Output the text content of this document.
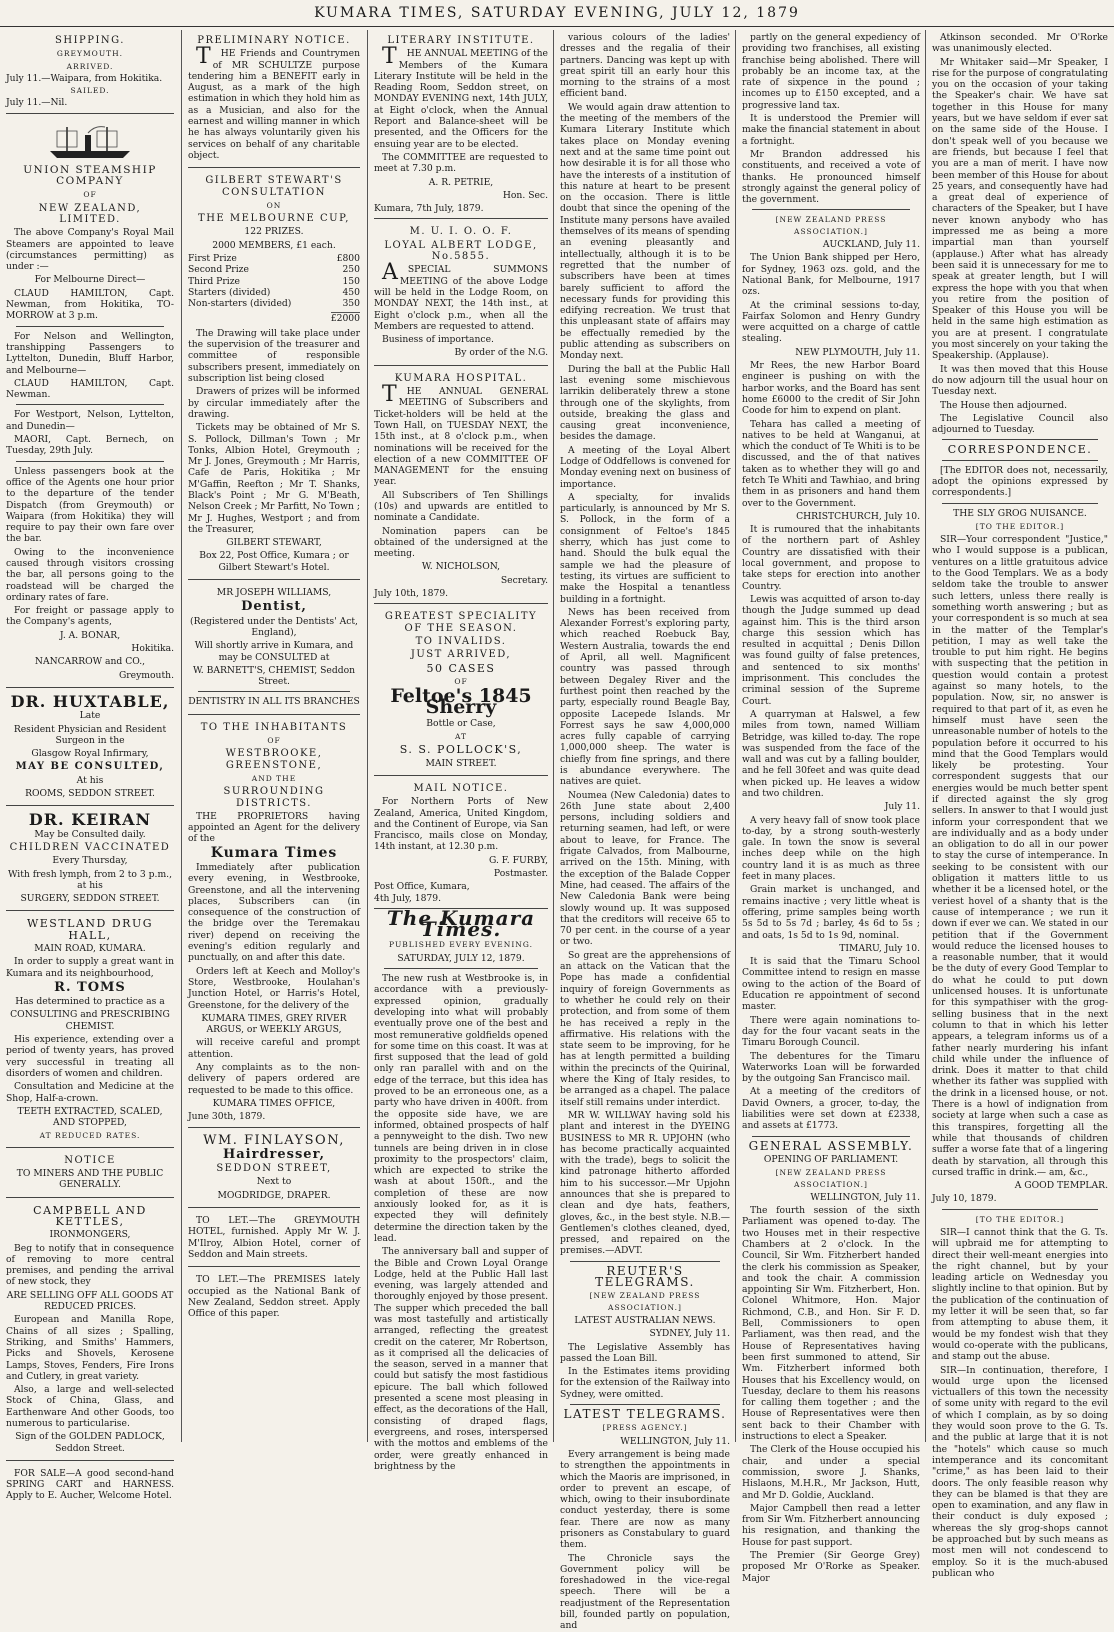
KUMARA TIMES, SATURDAY EVENING, JULY 12, 1879
SHIPPING.
GREYMOUTH.
ARRIVED.
July 11.—Waipara, from Hokitika.
SAILED.
July 11.—Nil.
UNION STEAMSHIP COMPANY
OF
NEW ZEALAND, LIMITED.
The above Company's Royal Mail Steamers are appointed to leave (circumstances permitting) as under :—
For Melbourne Direct—
CLAUD HAMILTON, Capt. Newman, from Hokitika, TO-MORROW at 3 p.m.
For Nelson and Wellington, transhipping Passengers to Lyttelton, Dunedin, Bluff Harbor, and Melbourne—
CLAUD HAMILTON, Capt. Newman.
For Westport, Nelson, Lyttelton, and Dunedin—
MAORI, Capt. Bernech, on Tuesday, 29th July.
Unless passengers book at the office of the Agents one hour prior to the departure of the tender Dispatch (from Greymouth) or Waipara (from Hokitika) they will require to pay their own fare over the bar.
Owing to the inconvenience caused through visitors crossing the bar, all persons going to the roadstead will be charged the ordinary rates of fare.
For freight or passage apply to the Company's agents,
J. A. BONAR,
Hokitika.
NANCARROW and CO.,
Greymouth.
DR. HUXTABLE,
Late
Resident Physician and Resident Surgeon in the
Glasgow Royal Infirmary,
MAY BE CONSULTED,
At his
ROOMS, SEDDON STREET.
DR. KEIRAN
May be Consulted daily.
CHILDREN VACCINATED
Every Thursday,
With fresh lymph, from 2 to 3 p.m., at his
SURGERY, SEDDON STREET.
WESTLAND DRUG HALL,
MAIN ROAD, KUMARA.
In order to supply a great want in Kumara and its neighbourhood,
R. TOMS
Has determined to practice as a
CONSULTING and PRESCRIBING CHEMIST.
His experience, extending over a period of twenty years, has proved very successful in treating all disorders of women and children.
Consultation and Medicine at the Shop, Half-a-crown.
TEETH EXTRACTED, SCALED, AND STOPPED,
AT REDUCED RATES.
NOTICE
TO MINERS AND THE PUBLIC GENERALLY.
CAMPBELL AND KETTLES,
IRONMONGERS,
Beg to notify that in consequence of removing to more central premises, and pending the arrival of new stock, they
ARE SELLING OFF ALL GOODS AT REDUCED PRICES.
European and Manilla Rope, Chains of all sizes ; Spalling, Striking, and Smiths' Hammers, Picks and Shovels, Kerosene Lamps, Stoves, Fenders, Fire Irons and Cutlery, in great variety.
Also, a large and well-selected Stock of China, Glass, and Earthenware And other Goods, too numerous to particularise.
Sign of the GOLDEN PADLOCK, Seddon Street.
FOR SALE—A good second-hand SPRING CART and HARNESS. Apply to E. Aucher, Welcome Hotel.
PRELIMINARY NOTICE.
THE Friends and Countrymen of MR SCHULTZE purpose tendering him a BENEFIT early in August, as a mark of the high estimation in which they hold him as as a Musician, and also for the earnest and willing manner in which he has always voluntarily given his services on behalf of any charitable object.
GILBERT STEWART'S CONSULTATION
ON
THE MELBOURNE CUP,
122 PRIZES.
2000 MEMBERS, £1 each.
First Prize	£800
Second Prize	250
Third Prize	150
Starters (divided)	450
Non-starters (divided)	350
£2000
The Drawing will take place under the supervision of the treasurer and committee of responsible subscribers present, immediately on subscription list being closed
Drawers of prizes will be informed by circular immediately after the drawing.
Tickets may be obtained of Mr S. S. Pollock, Dillman's Town ; Mr Tonks, Albion Hotel, Greymouth ; Mr J. Jones, Greymouth ; Mr Harris, Cafe de Paris, Hokitika ; Mr M'Gaffin, Reefton ; Mr T. Shanks, Black's Point ; Mr G. M'Beath, Nelson Creek ; Mr Parfitt, No Town ; Mr J. Hughes, Westport ; and from the Treasurer,
GILBERT STEWART,
Box 22, Post Office, Kumara ; or Gilbert Stewart's Hotel.
MR JOSEPH WILLIAMS,
Dentist,
(Registered under the Dentists' Act, England),
Will shortly arrive in Kumara, and may be CONSULTED at
W. BARNETT'S, CHEMIST, Seddon Street.
DENTISTRY IN ALL ITS BRANCHES
TO THE INHABITANTS
OF
WESTBROOKE, GREENSTONE,
AND THE
SURROUNDING DISTRICTS.
THE PROPRIETORS having appointed an Agent for the delivery of the
Kumara Times
Immediately after publication every evening, in Westbrooke, Greenstone, and all the intervening places, Subscribers can (in consequence of the construction of the bridge over the Teremakau river) depend on receiving the evening's edition regularly and punctually, on and after this date.
Orders left at Keech and Molloy's Store, Westbrooke, Houlahan's Junction Hotel, or Harris's Hotel, Greenstone, for the delivery of the
KUMARA TIMES, GREY RIVER ARGUS, or WEEKLY ARGUS,
will receive careful and prompt attention.
Any complaints as to the non-delivery of papers ordered are requested to be made to this office.
KUMARA TIMES OFFICE,
June 30th, 1879.
WM. FINLAYSON,
Hairdresser,
SEDDON STREET,
Next to
MOGDRIDGE, DRAPER.
TO LET.—The GREYMOUTH HOTEL, furnished. Apply Mr W. J. M'Ilroy, Albion Hotel, corner of Seddon and Main streets.
TO LET.—The PREMISES lately occupied as the National Bank of New Zealand, Seddon street. Apply Office of this paper.
LITERARY INSTITUTE.
THE ANNUAL MEETING of the Members of the Kumara Literary Institute will be held in the Reading Room, Seddon street, on MONDAY EVENING next, 14th JULY, at Eight o'clock, when the Annual Report and Balance-sheet will be presented, and the Officers for the ensuing year are to be elected.
The COMMITTEE are requested to meet at 7.30 p.m.
A. R. PETRIE,
Hon. Sec.
Kumara, 7th July, 1879.
M. U. I. O. O. F.
LOYAL ALBERT LODGE, No.5855.
ASPECIAL SUMMONS MEETING of the above Lodge will be held in the Lodge Room, on MONDAY NEXT, the 14th inst., at Eight o'clock p.m., when all the Members are requested to attend.
Business of importance.
By order of the N.G.
KUMARA HOSPITAL.
THE ANNUAL GENERAL MEETING of Subscribers and Ticket-holders will be held at the Town Hall, on TUESDAY NEXT, the 15th inst., at 8 o'clock p.m., when nominations will be received for the election of a new COMMITTEE OF MANAGEMENT for the ensuing year.
All Subscribers of Ten Shillings (10s) and upwards are entitled to nominate a Candidate.
Nomination papers can be obtained of the undersigned at the meeting.
W. NICHOLSON,
Secretary.
July 10th, 1879.
GREATEST SPECIALITY OF THE SEASON.
TO INVALIDS.
JUST ARRIVED,
50 CASES
OF
Feltoe's 1845 Sherry
Bottle or Case,
AT
S. S. POLLOCK'S,
MAIN STREET.
MAIL NOTICE.
For Northern Ports of New Zealand, America, United Kingdom, and the Continent of Europe, via San Francisco, mails close on Monday, 14th instant, at 12.30 p.m.
G. F. FURBY,
Postmaster.
Post Office, Kumara,
4th July, 1879.
The Kumara Times.
PUBLISHED EVERY EVENING.
SATURDAY, JULY 12, 1879.
The new rush at Westbrooke is, in accordance with a previously-expressed opinion, gradually developing into what will probably eventually prove one of the best and most remunerative goldfields opened for some time on this coast. It was at first supposed that the lead of gold only ran parallel with and on the edge of the terrace, but this idea has proved to be an erroneous one, as a party who have driven in 400ft. from the opposite side have, we are informed, obtained prospects of half a pennyweight to the dish. Two new tunnels are being driven in in close proximity to the prospectors' claim, which are expected to strike the wash at about 150ft., and the completion of these are now anxiously looked for, as it is expected they will definitely determine the direction taken by the lead.
The anniversary ball and supper of the Bible and Crown Loyal Orange Lodge, held at the Public Hall last evening, was largely attended and thoroughly enjoyed by those present. The supper which preceded the ball was most tastefully and artistically arranged, reflecting the greatest credit on the caterer, Mr Robertson, as it comprised all the delicacies of the season, served in a manner that could but satisfy the most fastidious epicure. The ball which followed presented a scene most pleasing in effect, as the decorations of the Hall, consisting of draped flags, evergreens, and roses, interspersed with the mottos and emblems of the order, were greatly enhanced in brightness by the
various colours of the ladies' dresses and the regalia of their partners. Dancing was kept up with great spirit till an early hour this morning to the strains of a most efficient band.
We would again draw attention to the meeting of the members of the Kumara Literary Institute which takes place on Monday evening next and at the same time point out how desirable it is for all those who have the interests of a institution of this nature at heart to be present on the occasion. There is little doubt that since the opening of the Institute many persons have availed themselves of its means of spending an evening pleasantly and intellectually, although it is to be regretted that the number of subscribers have been at times barely sufficient to afford the necessary funds for providing this edifying recreation. We trust that this unpleasant state of affairs may be effectually remedied by the public attending as subscribers on Monday next.
During the ball at the Public Hall last evening some mischievous larrikin deliberately threw a stone through one of the skylights, from outside, breaking the glass and causing great inconvenience, besides the damage.
A meeting of the Loyal Albert Lodge of Oddfellows is convened for Monday evening next on business of importance.
A specialty, for invalids particularly, is announced by Mr S. S. Pollock, in the form of a consignment of Feltoe's 1845 sherry, which has just come to hand. Should the bulk equal the sample we had the pleasure of testing, its virtues are sufficient to make the Hospital a tenantless building in a fortnight.
News has been received from Alexander Forrest's exploring party, which reached Roebuck Bay, Western Australia, towards the end of April, all well. Magnificent country was passed through between Degaley River and the furthest point then reached by the party, especially round Beagle Bay, opposite Lacepede Islands. Mr Forrest says he saw 4,000,000 acres fully capable of carrying 1,000,000 sheep. The water is chiefly from fine springs, and there is abundance everywhere. The natives are quiet.
Noumea (New Caledonia) dates to 26th June state about 2,400 persons, including soldiers and returning seamen, had left, or were about to leave, for France. The frigate Calvados, from Malbourne, arrived on the 15th. Mining, with the exception of the Balade Copper Mine, had ceased. The affairs of the New Caledonia Bank were being slowly wound up. It was supposed that the creditors will receive 65 to 70 per cent. in the course of a year or two.
So great are the apprehensions of an attack on the Vatican that the Pope has made a confidential inquiry of foreign Governments as to whether he could rely on their protection, and from some of them he has received a reply in the affirmative. His relations with the state seem to be improving, for he has at length permitted a building within the precincts of the Quirinal, where the King of Italy resides, to be arranged as a chapel. The palace itself still remains under interdict.
MR W. WILLWAY having sold his plant and interest in the DYEING BUSINESS to MR R. UPJOHN (who has become practically acquainted with the trade), begs to solicit the kind patronage hitherto afforded him to his successor.—Mr Upjohn announces that she is prepared to clean and dye hats, feathers, gloves, &c., in the best style. N.B.—Gentlemen's clothes cleaned, dyed, pressed, and repaired on the premises.—ADVT.
REUTER'S TELEGRAMS.
[NEW ZEALAND PRESS ASSOCIATION.]
LATEST AUSTRALIAN NEWS.
SYDNEY, July 11.
The Legislative Assembly has passed the Loan Bill.
In the Estimates items providing for the extension of the Railway into Sydney, were omitted.
LATEST TELEGRAMS.
[PRESS AGENCY.]
WELLINGTON, July 11.
Every arrangement is being made to strengthen the appointments in which the Maoris are imprisoned, in order to prevent an escape, of which, owing to their insubordinate conduct yesterday, there is some fear. There are now as many prisoners as Constabulary to guard them.
The Chronicle says the Government policy will be foreshadowed in the vice-regal speech. There will be a readjustment of the Representation bill, founded partly on population, and
partly on the general expediency of providing two franchises, all existing franchise being abolished. There will probably be an income tax, at the rate of sixpence in the pound ; incomes up to £150 excepted, and a progressive land tax.
It is understood the Premier will make the financial statement in about a fortnight.
Mr Brandon addressed his constituents, and received a vote of thanks. He pronounced himself strongly against the general policy of the government.
[NEW ZEALAND PRESS ASSOCIATION.]
AUCKLAND, July 11.
The Union Bank shipped per Hero, for Sydney, 1963 ozs. gold, and the National Bank, for Melbourne, 1917 ozs.
At the criminal sessions to-day, Fairfax Solomon and Henry Gundry were acquitted on a charge of cattle stealing.
NEW PLYMOUTH, July 11.
Mr Rees, the new Harbor Board engineer is pushing on with the harbor works, and the Board has sent home £6000 to the credit of Sir John Coode for him to expend on plant.
Tehara has called a meeting of natives to be held at Wanganui, at which the conduct of Te Whiti is to be discussed, and the of that natives taken as to whether they will go and fetch Te Whiti and Tawhiao, and bring them in as prisoners and hand them over to the Government.
CHRISTCHURCH, July 10.
It is rumoured that the inhabitants of the northern part of Ashley Country are dissatisfied with their local government, and propose to take steps for erection into another Country.
Lewis was acquitted of arson to-day though the Judge summed up dead against him. This is the third arson charge this session which has resulted in acquittal ; Denis Dillon was found guilty of false pretences, and sentenced to six months' imprisonment. This concludes the criminal session of the Supreme Court.
A quarryman at Halswel, a few miles from town, named William Betridge, was killed to-day. The rope was suspended from the face of the wall and was cut by a falling boulder, and he fell 30feet and was quite dead when picked up. He leaves a widow and two children.
July 11.
A very heavy fall of snow took place to-day, by a strong south-westerly gale. In town the snow is several inches deep while on the high country land it is as much as three feet in many places.
Grain market is unchanged, and remains inactive ; very little wheat is offering, prime samples being worth 5s 5d to 5s 7d ; barley, 4s 6d to 5s ; and oats, 1s 5d to 1s 9d, nominal.
TIMARU, July 10.
It is said that the Timaru School Committee intend to resign en masse owing to the action of the Board of Education re appointment of second master.
There were again nominations to-day for the four vacant seats in the Timaru Borough Council.
The debentures for the Timaru Waterworks Loan will be forwarded by the outgoing San Francisco mail.
At a meeting of the creditors of David Owners, a grocer, to-day, the liabilities were set down at £2338, and assets at £1773.
GENERAL ASSEMBLY.
OPENING OF PARLIAMENT.
[NEW ZEALAND PRESS ASSOCIATION.]
WELLINGTON, July 11.
The fourth session of the sixth Parliament was opened to-day. The two Houses met in their respective Chambers at 2 o'clock. In the Council, Sir Wm. Fitzherbert handed the clerk his commission as Speaker, and took the chair. A commission appointing Sir Wm. Fitzherbert, Hon. Colonel Whitmore, Hon. Major Richmond, C.B., and Hon. Sir F. D. Bell, Commissioners to open Parliament, was then read, and the House of Representatives having been first summoned to attend, Sir Wm. Fitzherbert informed both Houses that his Excellency would, on Tuesday, declare to them his reasons for calling them together ; and the House of Representatives were then sent back to their Chamber with instructions to elect a Speaker.
The Clerk of the House occupied his chair, and under a special commission, swore J. Shanks, Hislaons, M.H.R., Mr Jackson, Hutt, and Mr D. Goldie, Auckland.
Major Campbell then read a letter from Sir Wm. Fitzherbert announcing his resignation, and thanking the House for past support.
The Premier (Sir George Grey) proposed Mr O'Rorke as Speaker. Major
Atkinson seconded. Mr O'Rorke was unanimously elected.
Mr Whitaker said—Mr Speaker, I rise for the purpose of congratulating you on the occasion of your taking the Speaker's chair. We have sat together in this House for many years, but we have seldom if ever sat on the same side of the House. I don't speak well of you because we are friends, but because I feel that you are a man of merit. I have now been member of this House for about 25 years, and consequently have had a great deal of experience of characters of the Speaker, but I have never known anybody who has impressed me as being a more impartial man than yourself (applause.) After what has already been said it is unnecessary for me to speak at greater length, but I will express the hope with you that when you retire from the position of Speaker of this House you will be held in the same high estimation as you are at present. I congratulate you most sincerely on your taking the Speakership. (Applause).
It was then moved that this House do now adjourn till the usual hour on Tuesday next.
The House then adjourned.
The Legislative Council also adjourned to Tuesday.
CORRESPONDENCE.
[The EDITOR does not, necessarily, adopt the opinions expressed by correspondents.]
THE SLY GROG NUISANCE.
[TO THE EDITOR.]
SIR—Your correspondent "Justice," who I would suppose is a publican, ventures on a little gratuitous advice to the Good Templars. We as a body seldom take the trouble to answer such letters, unless there really is something worth answering ; but as your correspondent is so much at sea in the matter of the Templar's petition, I may as well take the trouble to put him right. He begins with suspecting that the petition in question would contain a protest against so many hotels, to the population. Now, sir, no answer is required to that part of it, as even he himself must have seen the unreasonable number of hotels to the population before it occurred to his mind that the Good Templars would likely be protesting. Your correspondent suggests that our energies would be much better spent if directed against the sly grog sellers. In answer to that I would just inform your correspondent that we are individually and as a body under an obligation to do all in our power to stay the curse of intemperance. In seeking to be consistent with our obligation it matters little to us whether it be a licensed hotel, or the veriest hovel of a shanty that is the cause of intemperance ; we run it down if ever we can. We stated in our petition that if the Government would reduce the licensed houses to a reasonable number, that it would be the duty of every Good Templar to do what he could to put down unlicensed houses. It is unfortunate for this sympathiser with the grog-selling business that in the next column to that in which his letter appears, a telegram informs us of a father nearly murdering his infant child while under the influence of drink. Does it matter to that child whether its father was supplied with the drink in a licensed house, or not. There is a howl of indignation from society at large when such a case as this transpires, forgetting all the while that thousands of children suffer a worse fate that of a lingering death by starvation, all through this cursed traffic in drink.— am, &c.,
A GOOD TEMPLAR.
July 10, 1879.
[TO THE EDITOR.]
SIR—I cannot think that the G. Ts. will upbraid me for attempting to direct their well-meant energies into the right channel, but by your leading article on Wednesday you slightly incline to that opinion. But by the publication of the continuation of my letter it will be seen that, so far from attempting to abuse them, it would be my fondest wish that they would co-operate with the publicans, and stamp out the abuse.
SIR—In continuation, therefore, I would urge upon the licensed victuallers of this town the necessity of some unity with regard to the evil of which I complain, as by so doing they would soon prove to the G. Ts. and the public at large that it is not the "hotels" which cause so much intemperance and its concomitant "crime," as has been laid to their doors. The only feasible reason why they can be blamed is that they are open to examination, and any flaw in their conduct is duly exposed ; whereas the sly grog-shops cannot be approached but by such means as most men will not condescend to employ. So it is the much-abused publican who
